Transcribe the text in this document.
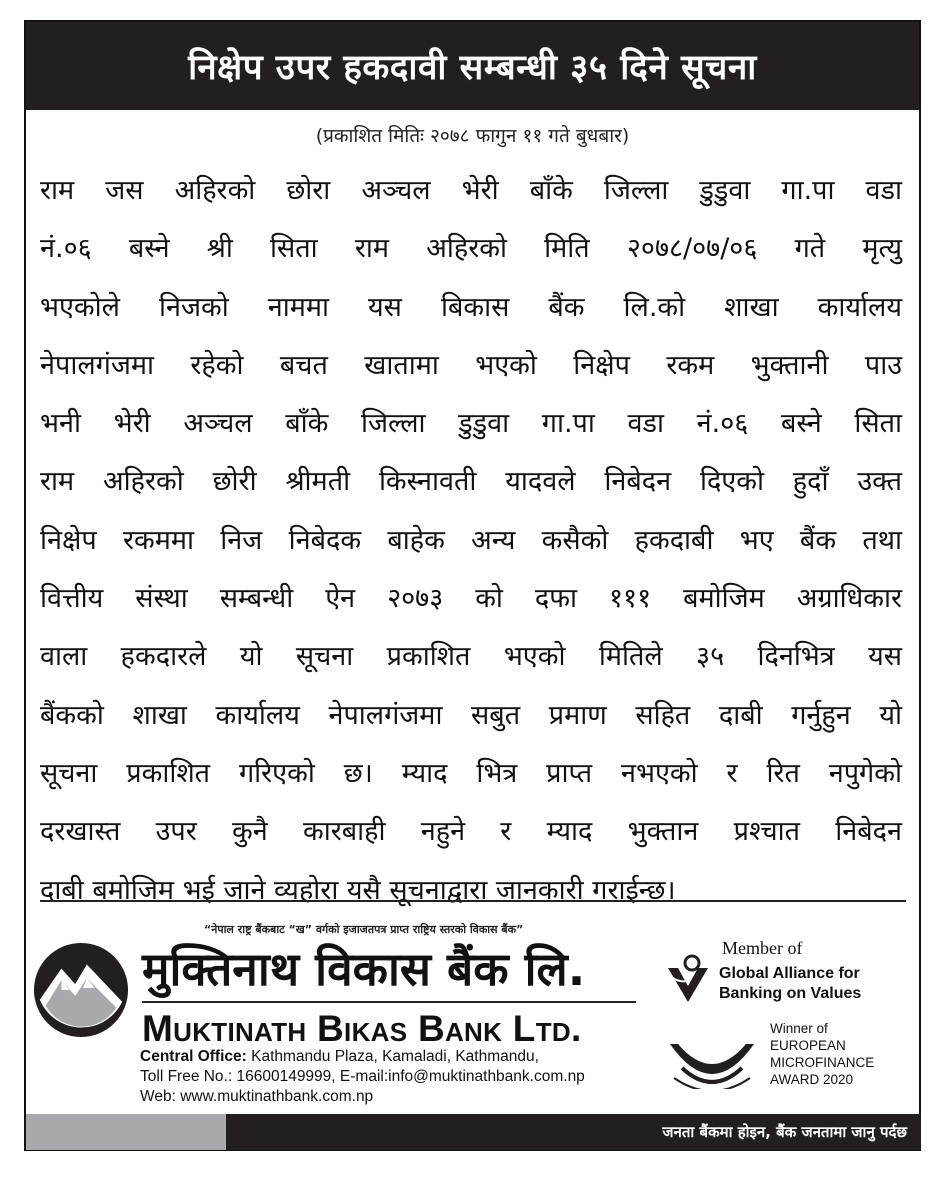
निक्षेप उपर हकदावी सम्बन्धी ३५ दिने सूचना
(प्रकाशित मितिः २०७८ फागुन ११ गते बुधबार)
राम जस अहिरको छोरा अञ्चल भेरी बाँके जिल्ला डुडुवा गा.पा वडा
नं.०६ बस्ने श्री सिता राम अहिरको मिति २०७८/०७/०६ गते मृत्यु
भएकोले निजको नाममा यस बिकास बैंक लि.को शाखा कार्यालय
नेपालगंजमा रहेको बचत खातामा भएको निक्षेप रकम भुक्तानी पाउ
भनी भेरी अञ्चल बाँके जिल्ला डुडुवा गा.पा वडा नं.०६ बस्ने सिता
राम अहिरको छोरी श्रीमती किस्नावती यादवले निबेदन दिएको हुदाँ उक्त
निक्षेप रकममा निज निबेदक बाहेक अन्य कसैको हकदाबी भए बैंक तथा
वित्तीय संस्था सम्बन्धी ऐन २०७३ को दफा १११ बमोजिम अग्राधिकार
वाला हकदारले यो सूचना प्रकाशित भएको मितिले ३५ दिनभित्र यस
बैंकको शाखा कार्यालय नेपालगंजमा सबुत प्रमाण सहित दाबी गर्नुहुन यो
सूचना प्रकाशित गरिएको छ। म्याद भित्र प्राप्त नभएको र रित नपुगेको
दरखास्त उपर कुनै कारबाही नहुने र म्याद भुक्तान प्रश्चात निबेदन
दाबी बमोजिम भई जाने व्यहोरा यसै सूचनाद्वारा जानकारी गराईन्छ।
“नेपाल राष्ट्र बैंकबाट “ख” वर्गको इजाजतपत्र प्राप्त राष्ट्रिय स्तरको विकास बैंक”
मुक्तिनाथ विकास बैंक लि.
Muktinath Bikas Bank Ltd.
Central Office: Kathmandu Plaza, Kamaladi, Kathmandu,
Toll Free No.: 16600149999, E-mail:info@muktinathbank.com.np
Web: www.muktinathbank.com.np
Member of
Global Alliance for
Banking on Values
Winner of
EUROPEAN
MICROFINANCE
AWARD 2020
जनता बैंकमा होइन, बैंक जनतामा जानु पर्दछ
